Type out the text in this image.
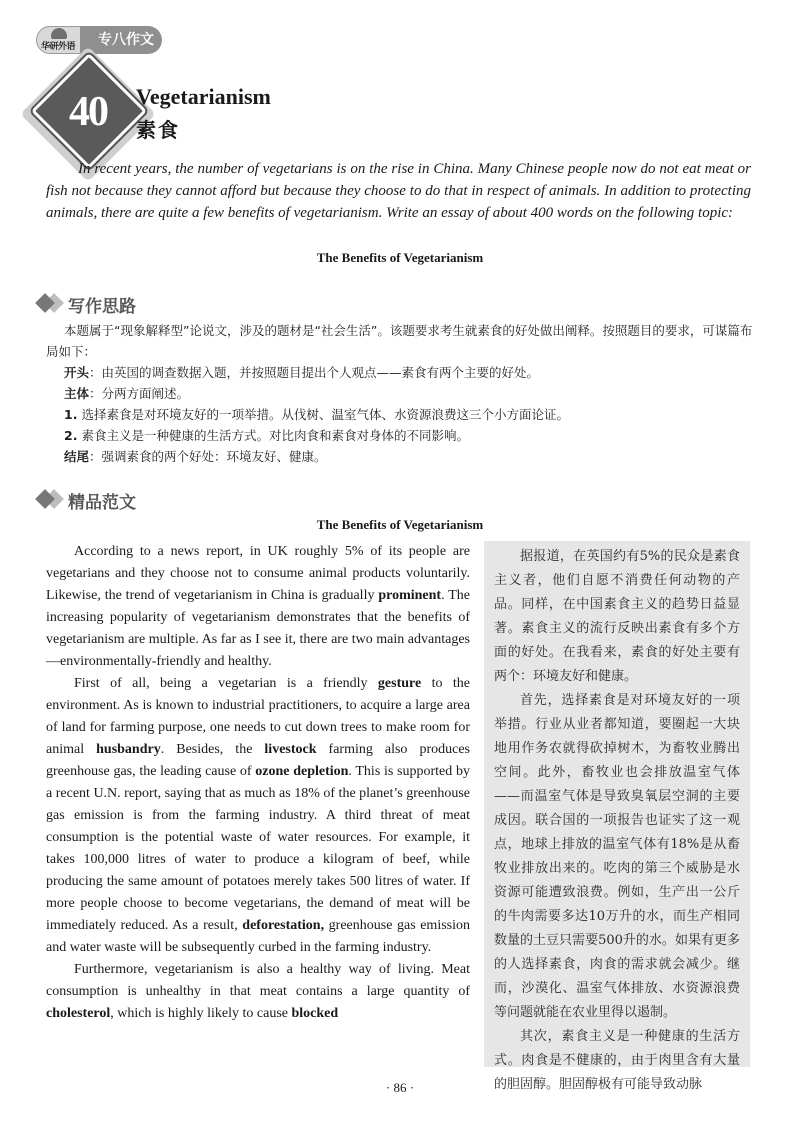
华研外语	专八作文
40	Vegetarianism
素食
In recent years, the number of vegetarians is on the rise in China. Many Chinese people now do not eat meat or fish not because they cannot afford but because they choose to do that in respect of animals. In addition to protecting animals, there are quite a few benefits of vegetarianism. Write an essay of about 400 words on the following topic:
The Benefits of Vegetarianism
写作思路
本题属于“现象解释型”论说文，涉及的题材是“社会生活”。该题要求考生就素食的好处做出阐释。按照题目的要求，可谋篇布局如下：
开头：由英国的调查数据入题，并按照题目提出个人观点——素食有两个主要的好处。
主体：分两方面阐述。
1. 选择素食是对环境友好的一项举措。从伐树、温室气体、水资源浪费这三个小方面论证。
2. 素食主义是一种健康的生活方式。对比肉食和素食对身体的不同影响。
结尾：强调素食的两个好处：环境友好、健康。
精品范文
The Benefits of Vegetarianism

According to a news report, in UK roughly 5% of its people are vegetarians and they choose not to consume animal products voluntarily. Likewise, the trend of vegetarianism in China is gradually prominent. The increasing popularity of vegetarianism demonstrates that the benefits of vegetarianism are multiple. As far as I see it, there are two main advantages—environmentally-friendly and healthy.

First of all, being a vegetarian is a friendly gesture to the environment. As is known to industrial practitioners, to acquire a large area of land for farming purpose, one needs to cut down trees to make room for animal husbandry. Besides, the livestock farming also produces greenhouse gas, the leading cause of ozone depletion. This is supported by a recent U.N. report, saying that as much as 18% of the planet’s greenhouse gas emission is from the farming industry. A third threat of meat consumption is the potential waste of water resources. For example, it takes 100,000 litres of water to produce a kilogram of beef, while producing the same amount of potatoes merely takes 500 litres of water. If more people choose to become vegetarians, the demand of meat will be immediately reduced. As a result, deforestation, greenhouse gas emission and water waste will be subsequently curbed in the farming industry.

Furthermore, vegetarianism is also a healthy way of living. Meat consumption is unhealthy in that meat contains a large quantity of cholesterol, which is highly likely to cause blocked

据报道，在英国约有5%的民众是素食主义者，他们自愿不消费任何动物的产品。同样，在中国素食主义的趋势日益显著。素食主义的流行反映出素食有多个方面的好处。在我看来，素食的好处主要有两个：环境友好和健康。

首先，选择素食是对环境友好的一项举措。行业从业者都知道，要圈起一大块地用作务农就得砍掉树木，为畜牧业腾出空间。此外，畜牧业也会排放温室气体——而温室气体是导致臭氧层空洞的主要成因。联合国的一项报告也证实了这一观点，地球上排放的温室气体有18%是从畜牧业排放出来的。吃肉的第三个威胁是水资源可能遭致浪费。例如，生产出一公斤的牛肉需要多达10万升的水，而生产相同数量的土豆只需要500升的水。如果有更多的人选择素食，肉食的需求就会减少。继而，沙漠化、温室气体排放、水资源浪费等问题就能在农业里得以遏制。

其次，素食主义是一种健康的生活方式。肉食是不健康的，由于肉里含有大量的胆固醇。胆固醇极有可能导致动脉

· 86 ·
